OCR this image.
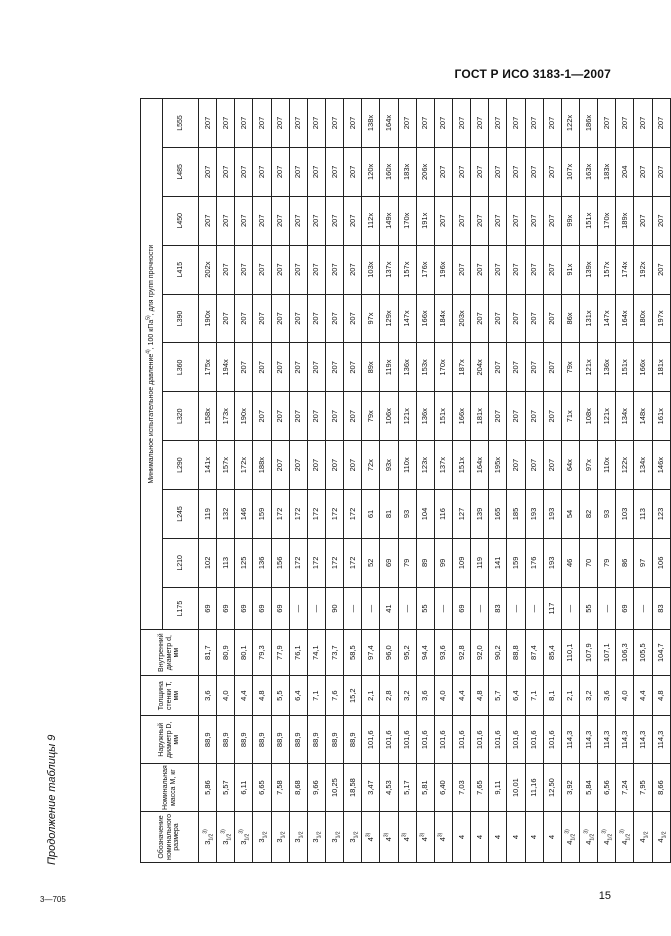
ГОСТ Р ИСО 3183-1—2007
Продолжение таблицы 9
3—705	15
Обозначение номинального размера	Номинальная масса М, кг	Наружный диаметр D, мм	Толщина стенки Т, мм	Внутренний диаметр d, мм	Минимальное испытательное давление$^{4)}$, 100 кПа$^{5)}$, для групп прочности										
					L175	L210	L245	L290	L320	L360	L390	L415	L450	L485	L555
$3_{1/2}^{3)}$	5,86	88,9	3,6	81,7	69	102	119	141x	158x	175x	190x	202x	207	207	207
$3_{1/2}^{3)}$	5,57	88,9	4,0	80,9	69	113	132	157x	173x	194x	207	207	207	207	207
$3_{1/2}^{3)}$	6,11	88,9	4,4	80,1	69	125	146	172x	190x	207	207	207	207	207	207
$3_{1/2}$	6,65	88,9	4,8	79,3	69	136	159	188x	207	207	207	207	207	207	207
$3_{1/2}$	7,58	88,9	5,5	77,9	69	156	172	207	207	207	207	207	207	207	207
$3_{1/2}$	8,68	88,9	6,4	76,1	—	172	172	207	207	207	207	207	207	207	207
$3_{1/2}$	9,66	88,9	7,1	74,1	—	172	172	207	207	207	207	207	207	207	207
$3_{1/2}$	10,25	88,9	7,6	73,7	90	172	172	207	207	207	207	207	207	207	207
$3_{1/2}$	18,58	88,9	15,2	58,5	—	172	172	207	207	207	207	207	207	207	207
4$^{3)}$	3,47	101,6	2,1	97,4	—	52	61	72x	79x	89x	97x	103x	112x	120x	138x
4$^{3)}$	4,53	101,6	2,8	96,0	41	69	81	93x	106x	119x	129x	137x	149x	160x	164x
4$^{3)}$	5,17	101,6	3,2	95,2	—	79	93	110x	121x	136x	147x	157x	170x	183x	207
4$^{3)}$	5,81	101,6	3,6	94,4	55	89	104	123x	136x	153x	166x	176x	191x	206x	207
4$^{3)}$	6,40	101,6	4,0	93,6	—	99	116	137x	151x	170x	184x	196x	207	207	207
4	7,03	101,6	4,4	92,8	69	109	127	151x	166x	187x	203x	207	207	207	207
4	7,65	101,6	4,8	92,0	—	119	139	164x	181x	204x	207	207	207	207	207
4	9,11	101,6	5,7	90,2	83	141	165	195x	207	207	207	207	207	207	207
4	10,01	101,6	6,4	88,8	—	159	185	207	207	207	207	207	207	207	207
4	11,16	101,6	7,1	87,4	—	176	193	207	207	207	207	207	207	207	207
4	12,50	101,6	8,1	85,4	117	193	193	207	207	207	207	207	207	207	207
$4_{1/2}^{3)}$	3,92	114,3	2,1	110,1	—	46	54	64x	71x	79x	86x	91x	99x	107x	122x
$4_{1/2}^{3)}$	5,84	114,3	3,2	107,9	55	70	82	97x	108x	121x	131x	139x	151x	163x	186x
$4_{1/2}^{3)}$	6,56	114,3	3,6	107,1	—	79	93	110x	121x	136x	147x	157x	170x	183x	207
$4_{1/2}^{3)}$	7,24	114,3	4,0	106,3	69	86	103	122x	134x	151x	164x	174x	189x	204	207
$4_{1/2}$	7,95	114,3	4,4	105,5	—	97	113	134x	148x	166x	180x	192x	207	207	207
$4_{1/2}$	8,66	114,3	4,8	104,7	83	106	123	146x	161x	181x	197x	207	207	207	207
